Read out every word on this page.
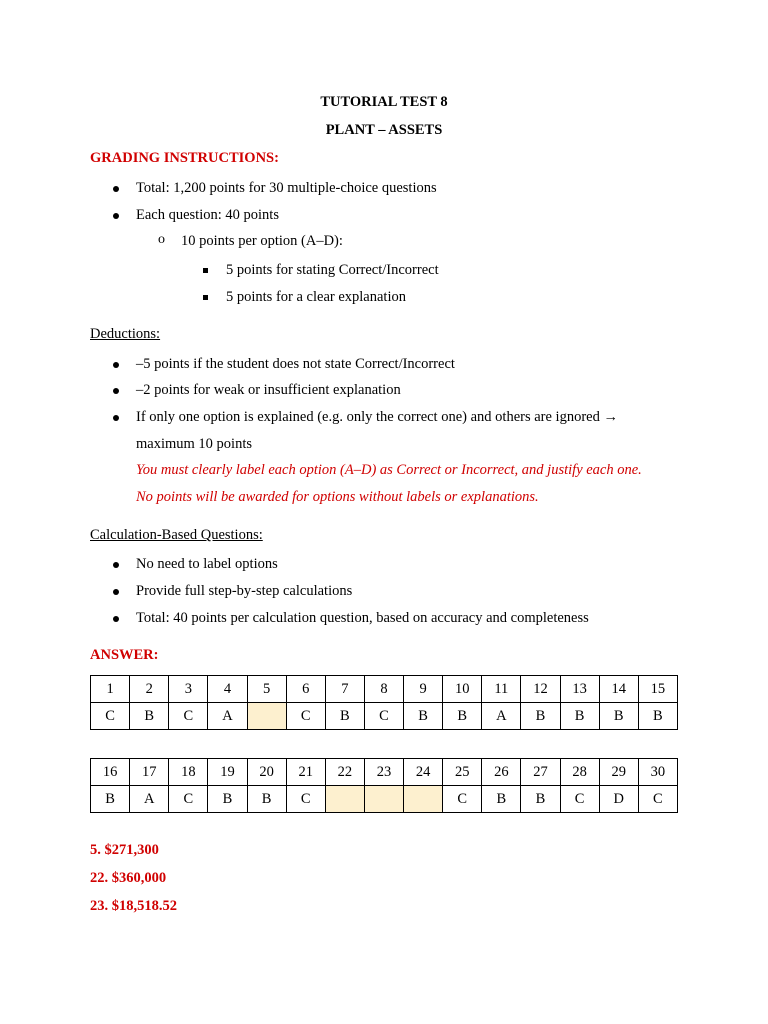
TUTORIAL TEST 8
PLANT – ASSETS
GRADING INSTRUCTIONS:
Total: 1,200 points for 30 multiple-choice questions
Each question: 40 points
o 10 points per option (A–D):
5 points for stating Correct/Incorrect
5 points for a clear explanation
Deductions:
–5 points if the student does not state Correct/Incorrect
–2 points for weak or insufficient explanation
If only one option is explained (e.g. only the correct one) and others are ignored →
maximum 10 points
You must clearly label each option (A–D) as Correct or Incorrect, and justify each one.
No points will be awarded for options without labels or explanations.
Calculation-Based Questions:
No need to label options
Provide full step-by-step calculations
Total: 40 points per calculation question, based on accuracy and completeness
ANSWER:
1	2	3	4	5	6	7	8	9	10	11	12	13	14	15
C	B	C	A		C	B	C	B	B	A	B	B	B	B
16	17	18	19	20	21	22	23	24	25	26	27	28	29	30
B	A	C	B	B	C				C	B	B	C	D	C
5. $271,300
22. $360,000
23. $18,518.52
